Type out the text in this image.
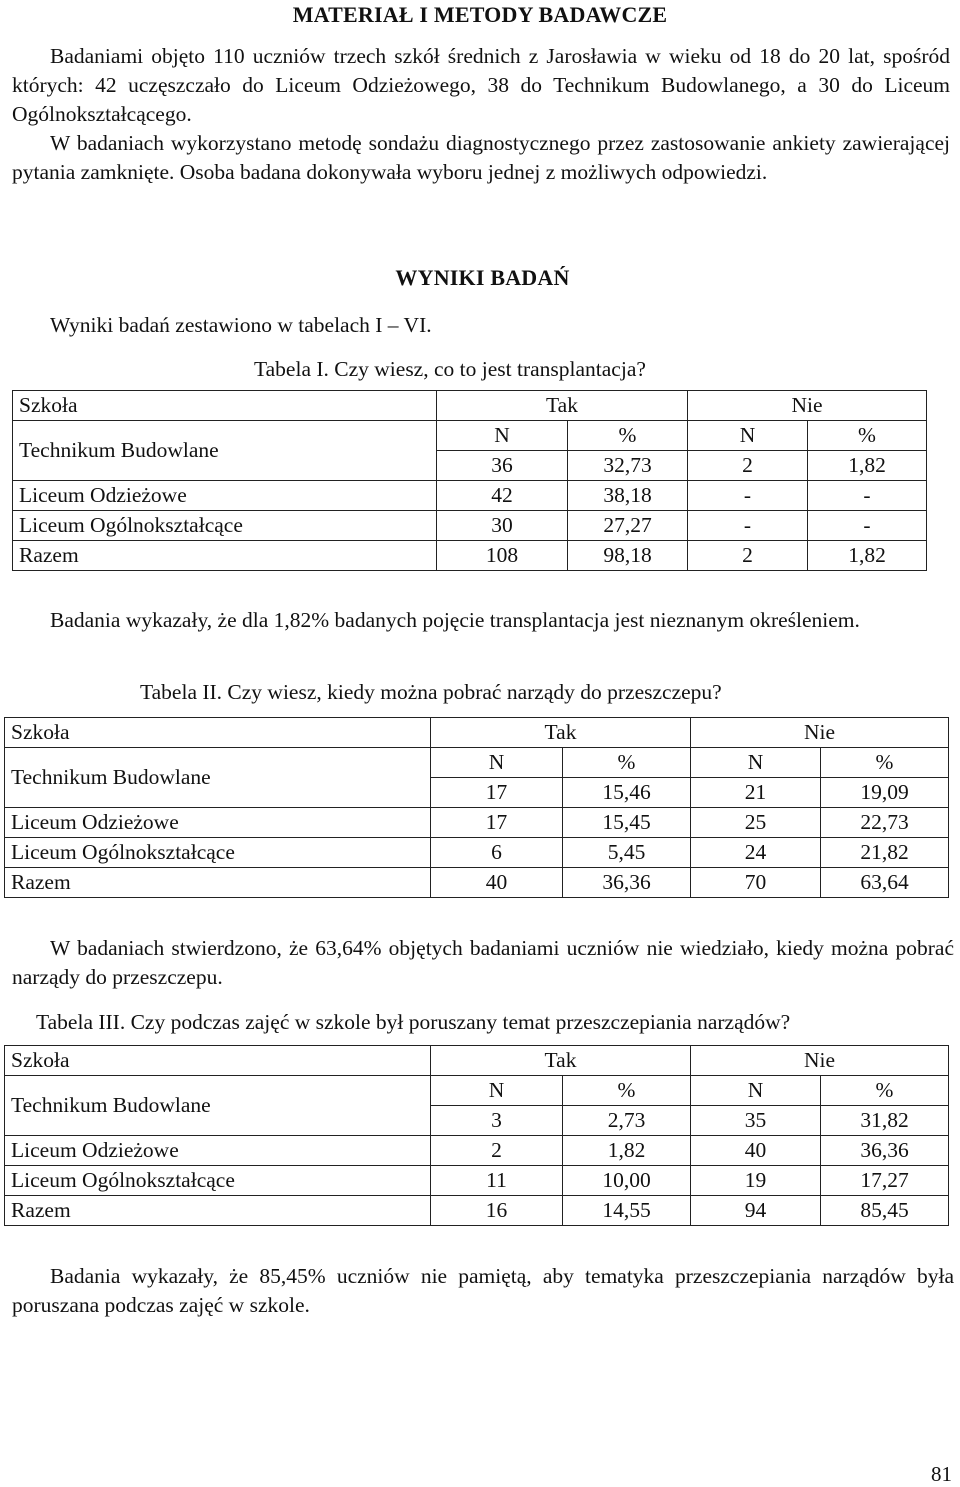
MATERIAŁ I METODY BADAWCZE

Badaniami objęto 110 uczniów trzech szkół średnich z Jarosławia w wieku od 18 do 20 lat, spośród których: 42 uczęszczało do Liceum Odzieżowego, 38 do Technikum Budowlanego, a 30 do Liceum Ogólnokształcącego.

W badaniach wykorzystano metodę sondażu diagnostycznego przez zastosowanie ankiety zawierającej pytania zamknięte. Osoba badana dokonywała wyboru jednej z możliwych odpowiedzi.

WYNIKI BADAŃ

Wyniki badań zestawiono w tabelach I – VI.

Tabela I. Czy wiesz, co to jest transplantacja?
Szkoła	Tak		Nie	
Technikum Budowlane	N	%	N	%
	36	32,73	2	1,82
Liceum Odzieżowe	42	38,18	-	-
Liceum Ogólnokształcące	30	27,27	-	-
Razem	108	98,18	2	1,82

Badania wykazały, że dla 1,82% badanych pojęcie transplantacja jest nieznanym określeniem.

Tabela II. Czy wiesz, kiedy można pobrać narządy do przeszczepu?
Szkoła	Tak		Nie	
Technikum Budowlane	N	%	N	%
	17	15,46	21	19,09
Liceum Odzieżowe	17	15,45	25	22,73
Liceum Ogólnokształcące	6	5,45	24	21,82
Razem	40	36,36	70	63,64

W badaniach stwierdzono, że 63,64% objętych badaniami uczniów nie wiedziało, kiedy można pobrać narządy do przeszczepu.

Tabela III. Czy podczas zajęć w szkole był poruszany temat przeszczepiania narządów?
Szkoła	Tak		Nie	
Technikum Budowlane	N	%	N	%
	3	2,73	35	31,82
Liceum Odzieżowe	2	1,82	40	36,36
Liceum Ogólnokształcące	11	10,00	19	17,27
Razem	16	14,55	94	85,45

Badania wykazały, że 85,45% uczniów nie pamiętą, aby tematyka przeszczepiania narządów była poruszana podczas zajęć w szkole.

81
